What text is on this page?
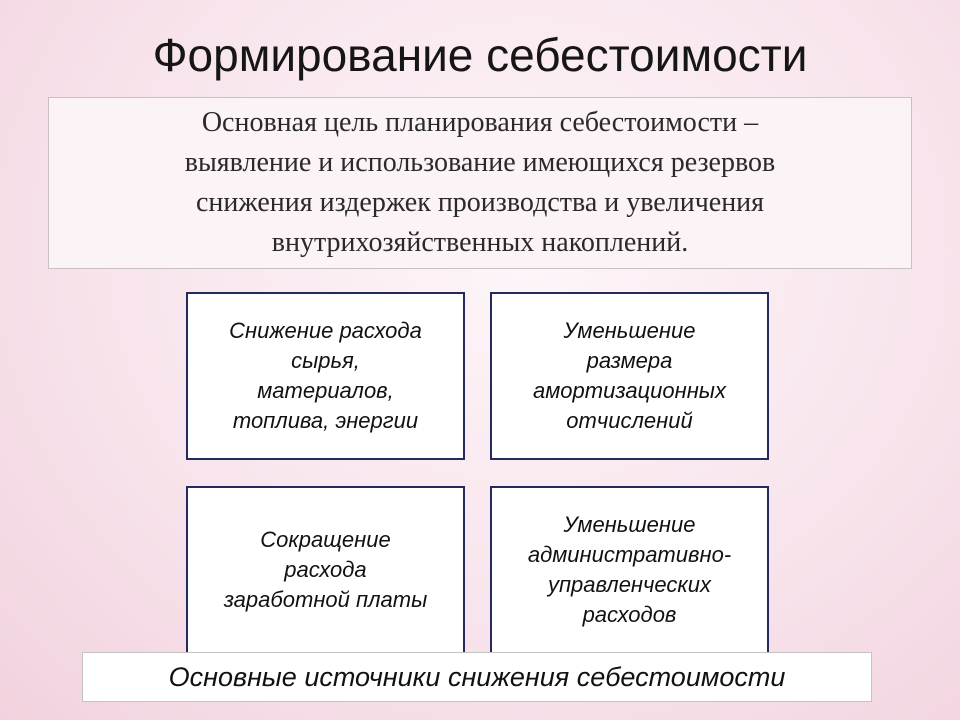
Формирование себестоимости
Основная цель планирования себестоимости –
выявление и использование имеющихся резервов
снижения издержек производства и увеличения
внутрихозяйственных накоплений.
Снижение расхода
сырья,
материалов,
топлива, энергии
Уменьшение
размера
амортизационных
отчислений
Сокращение
расхода
заработной платы
Уменьшение
административно-
управленческих
расходов
Основные источники снижения себестоимости
